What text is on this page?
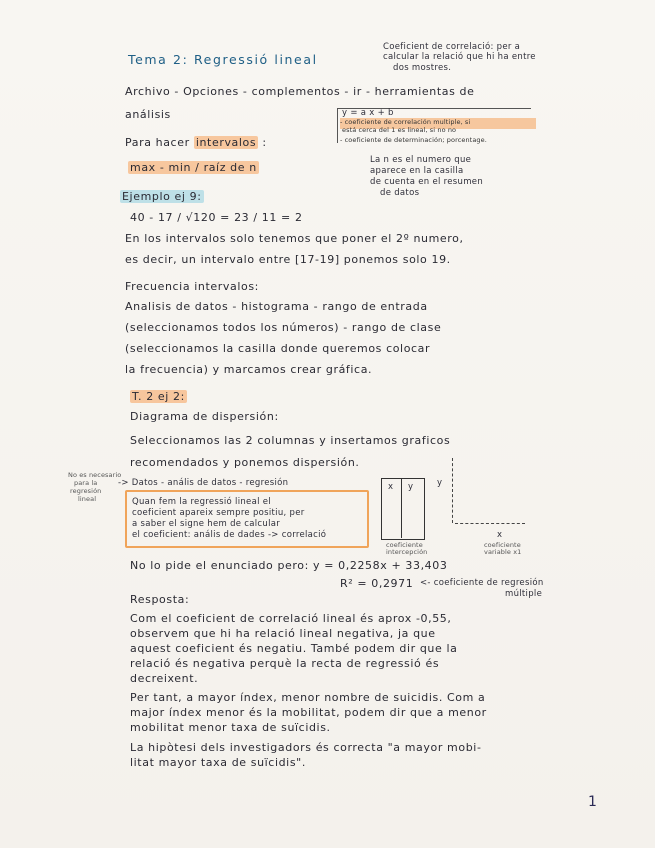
Tema 2: Regressió lineal
Coeficient de correlació: per a
calcular la relació que hi ha entre
dos mostres.
Archivo - Opciones - complementos - ir - herramientas de
análisis	y = a x + b
- coeficiente de correlación multiple, si
está cerca del 1 es lineal, si no no
- coeficiente de determinación; porcentage.
Para hacer intervalos :
max - min / raíz de n
La n es el numero que
aparece en la casilla
de cuenta en el resumen
de datos
Ejemplo ej 9:
40 - 17 / √120 = 23 / 11 = 2
En los intervalos solo tenemos que poner el 2º numero,
es decir, un intervalo entre [17-19] ponemos solo 19.
Frecuencia intervalos:
Analisis de datos - histograma - rango de entrada
(seleccionamos todos los números) - rango de clase
(seleccionamos la casilla donde queremos colocar
la frecuencia) y marcamos crear gráfica.
T. 2 ej 2:
Diagrama de dispersión:
Seleccionamos las 2 columnas y insertamos graficos
recomendados y ponemos dispersión.
No es necesario
para la
regresión
lineal
-> Datos - anális de datos - regresión
Quan fem la regressió lineal el
coeficient apareix sempre positiu, per
a saber el signe hem de calcular
el coeficient: anális de dades -> correlació
x y	y
x
coeficiente
intercepción
coeficiente
variable x1
No lo pide el enunciado pero: y = 0,2258x + 33,403
R² = 0,2971 <- coeficiente de regresión
múltiple
Resposta:
Com el coeficient de correlació lineal és aprox -0,55,
observem que hi ha relació lineal negativa, ja que
aquest coeficient és negatiu. També podem dir que la
relació és negativa perquè la recta de regressió és
decreixent.
Per tant, a mayor índex, menor nombre de suicidis. Com a
major índex menor és la mobilitat, podem dir que a menor
mobilitat menor taxa de suïcidis.
La hipòtesi dels investigadors és correcta "a mayor mobi-
litat mayor taxa de suïcidis".
1
